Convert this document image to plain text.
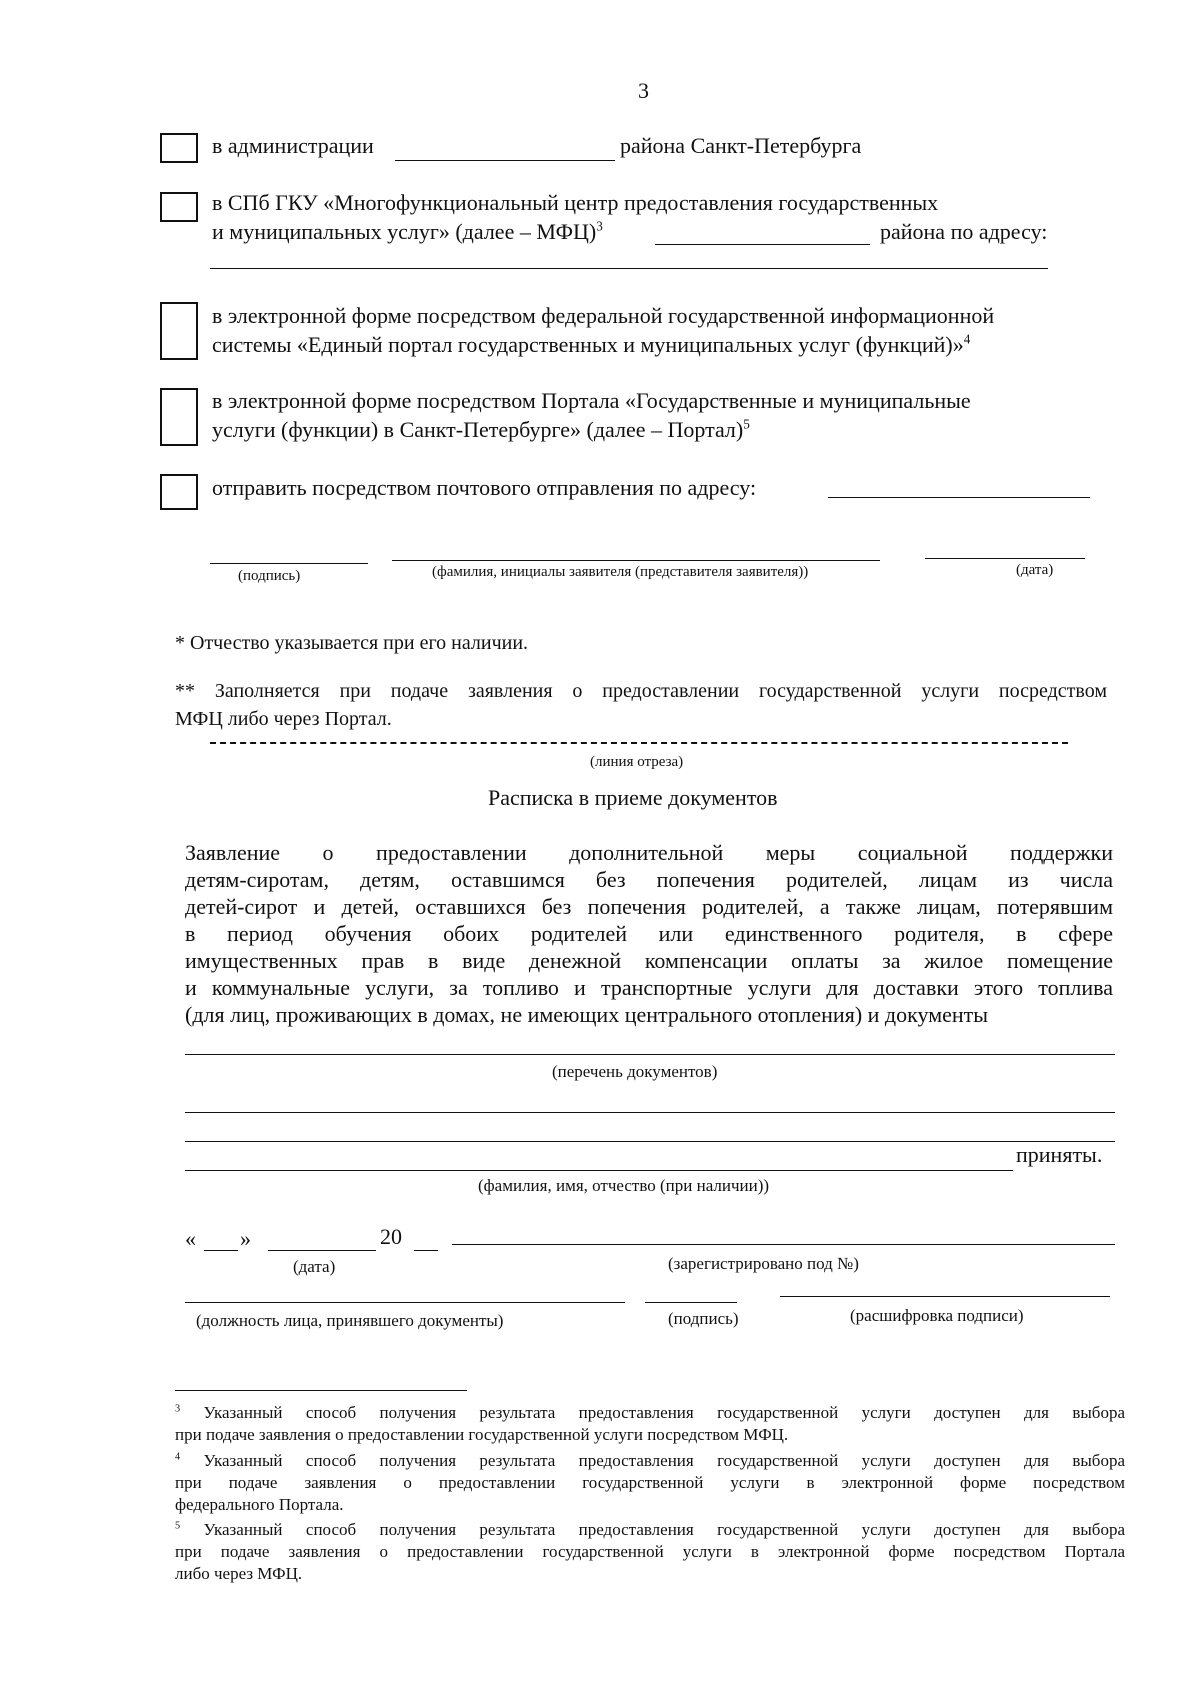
3
в администрации	района Санкт-Петербурга
в СПб ГКУ «Многофункциональный центр предоставления государственных
и муниципальных услуг» (далее – МФЦ)$^3$	района по адресу:
в электронной форме посредством федеральной государственной информационной
системы «Единый портал государственных и муниципальных услуг (функций)»$^4$
в электронной форме посредством Портала «Государственные и муниципальные
услуги (функции) в Санкт-Петербурге» (далее – Портал)$^5$
отправить посредством почтового отправления по адресу:
(подпись)	(фамилия, инициалы заявителя (представителя заявителя))	(дата)
* Отчество указывается при его наличии.
** Заполняется при подаче заявления о предоставлении государственной услуги посредством
МФЦ либо через Портал.
(линия отреза)
Расписка в приеме документов
Заявление о предоставлении дополнительной меры социальной поддержки
детям-сиротам, детям, оставшимся без попечения родителей, лицам из числа
детей-сирот и детей, оставшихся без попечения родителей, а также лицам, потерявшим
в период обучения обоих родителей или единственного родителя, в сфере
имущественных прав в виде денежной компенсации оплаты за жилое помещение
и коммунальные услуги, за топливо и транспортные услуги для доставки этого топлива
(для лиц, проживающих в домах, не имеющих центрального отопления) и документы
(перечень документов)
приняты.
(фамилия, имя, отчество (при наличии))
« »	20
(дата)	(зарегистрировано под №)
(должность лица, принявшего документы)	(подпись)	(расшифровка подписи)
$^3$ Указанный способ получения результата предоставления государственной услуги доступен для выбора
при подаче заявления о предоставлении государственной услуги посредством МФЦ.
$^4$ Указанный способ получения результата предоставления государственной услуги доступен для выбора
при подаче заявления о предоставлении государственной услуги в электронной форме посредством
федерального Портала.
$^5$ Указанный способ получения результата предоставления государственной услуги доступен для выбора
при подаче заявления о предоставлении государственной услуги в электронной форме посредством Портала
либо через МФЦ.
